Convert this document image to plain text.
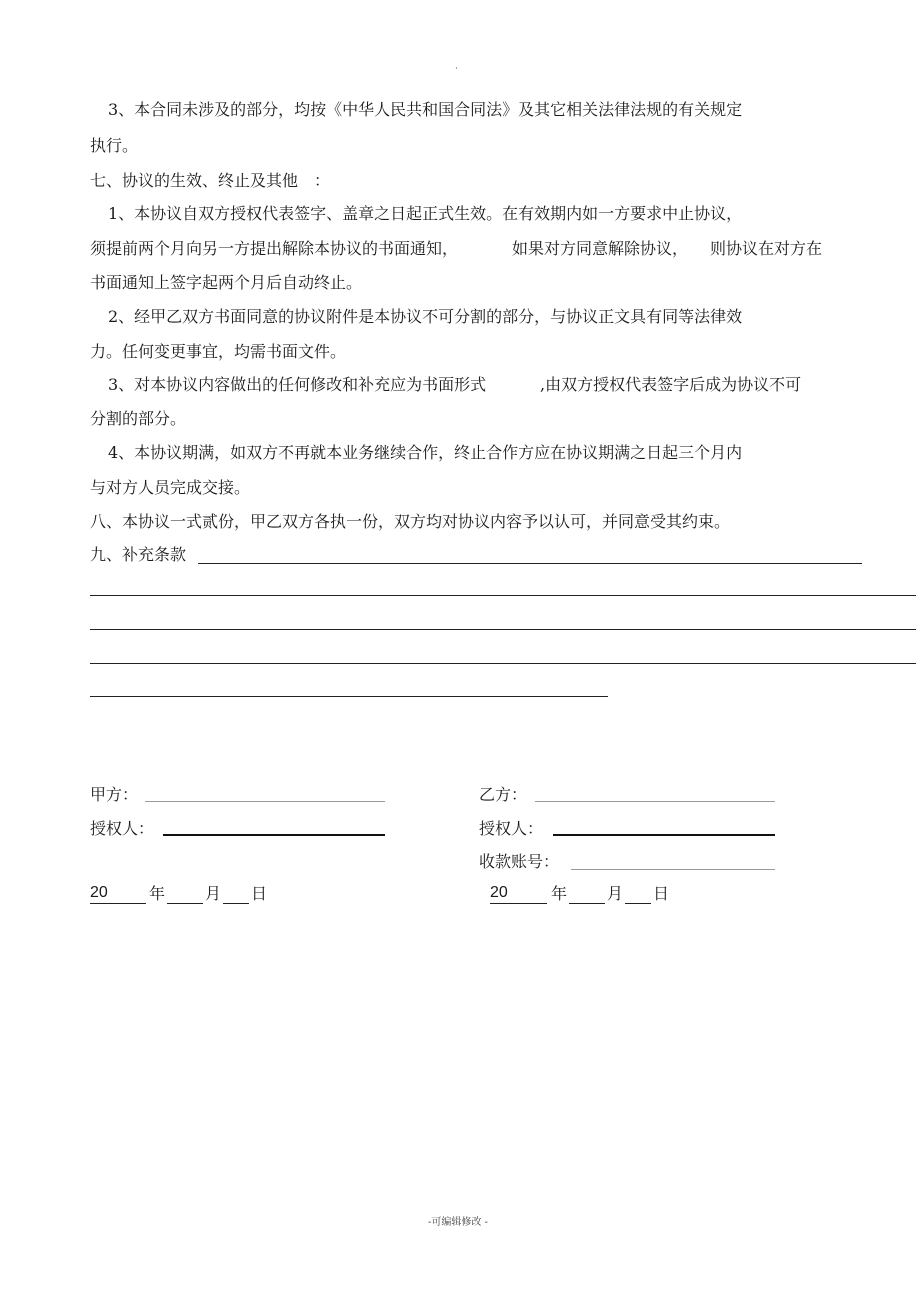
·
3、本合同未涉及的部分，均按《中华人民共和国合同法》及其它相关法律法规的有关规定
执行。
七、协议的生效、终止及其他　：
1、本协议自双方授权代表签字、盖章之日起正式生效。在有效期内如一方要求中止协议，
须提前两个月向另一方提出解除本协议的书面通知，	如果对方同意解除协议， 则协议在对方在
书面通知上签字起两个月后自动终止。
2、经甲乙双方书面同意的协议附件是本协议不可分割的部分，与协议正文具有同等法律效
力。任何变更事宜，均需书面文件。
3、对本协议内容做出的任何修改和补充应为书面形式	,由双方授权代表签字后成为协议不可
分割的部分。
4、本协议期满，如双方不再就本业务继续合作，终止合作方应在协议期满之日起三个月内
与对方人员完成交接。
八、本协议一式贰份，甲乙双方各执一份，双方均对协议内容予以认可，并同意受其约束。
九、补充条款
甲方：
授权人：
20	年 月 日
乙方：
授权人：
收款账号：
20	年 月 日
-可编辑修改 -
